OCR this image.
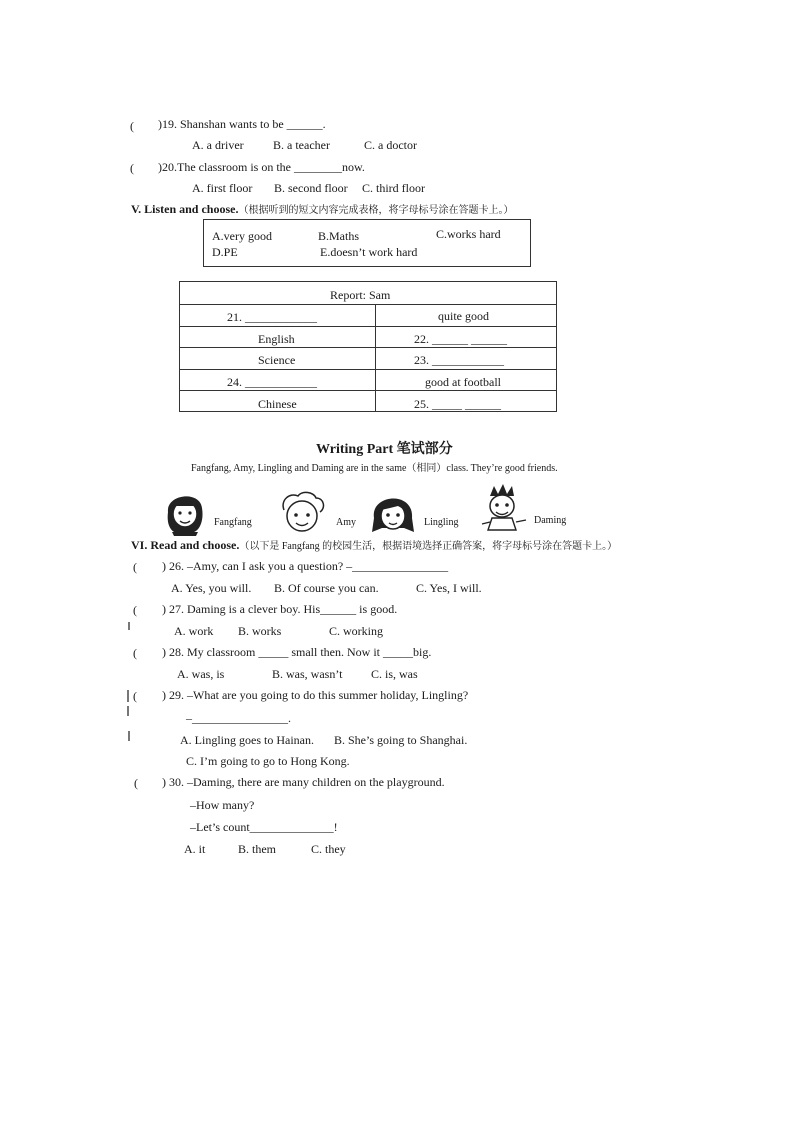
( )19. Shanshan wants to be ______.
A. a driver B. a teacher	C. a doctor
( )20.The classroom is on the ________now.
A. first floor B. second floor C. third floor
V. Listen and choose.（根据听到的短文内容完成表格，将字母标号涂在答题卡上。）
A.very good	B.Maths	C.works hard
D.PE	E.doesn’t work hard
Report: Sam
21. ____________	quite good
English	22. ______ ______
Science	23. ____________
24. ____________	good at football
Chinese	25. _____ ______
Writing Part 笔试部分
Fangfang, Amy, Lingling and Daming are in the same（相同）class. They’re good friends.
Fangfang	Amy	Lingling	Daming
VI. Read and choose.（以下是 Fangfang 的校园生活，根据语境选择正确答案，将字母标号涂在答题卡上。）
( ) 26. –Amy, can I ask you a question? –________________
A. Yes, you will. B. Of course you can.	C. Yes, I will.
( ) 27. Daming is a clever boy. His______ is good.
A. work B. works	C. working
( ) 28. My classroom _____ small then. Now it _____big.
A. was, is	B. was, wasn’t C. is, was
( ) 29. –What are you going to do this summer holiday, Lingling?
–________________.
A. Lingling goes to Hainan. B. She’s going to Shanghai.
C. I’m going to go to Hong Kong.
( ) 30. –Daming, there are many children on the playground.
–How many?
–Let’s count______________!
A. it	B. them	C. they
